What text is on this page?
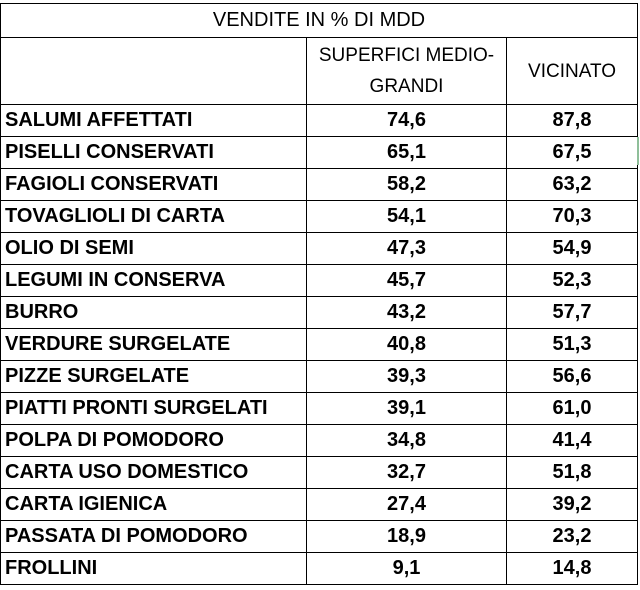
VENDITE IN % DI MDD		

	SUPERFICI MEDIO-
GRANDI	VICINATO

SALUMI AFFETTATI	74,6	87,8
PISELLI CONSERVATI	65,1	67,5
FAGIOLI CONSERVATI	58,2	63,2
TOVAGLIOLI DI CARTA	54,1	70,3
OLIO DI SEMI	47,3	54,9
LEGUMI IN CONSERVA	45,7	52,3
BURRO	43,2	57,7
VERDURE SURGELATE	40,8	51,3
PIZZE SURGELATE	39,3	56,6
PIATTI PRONTI SURGELATI	39,1	61,0
POLPA DI POMODORO	34,8	41,4
CARTA USO DOMESTICO	32,7	51,8
CARTA IGIENICA	27,4	39,2
PASSATA DI POMODORO	18,9	23,2
FROLLINI	9,1	14,8
